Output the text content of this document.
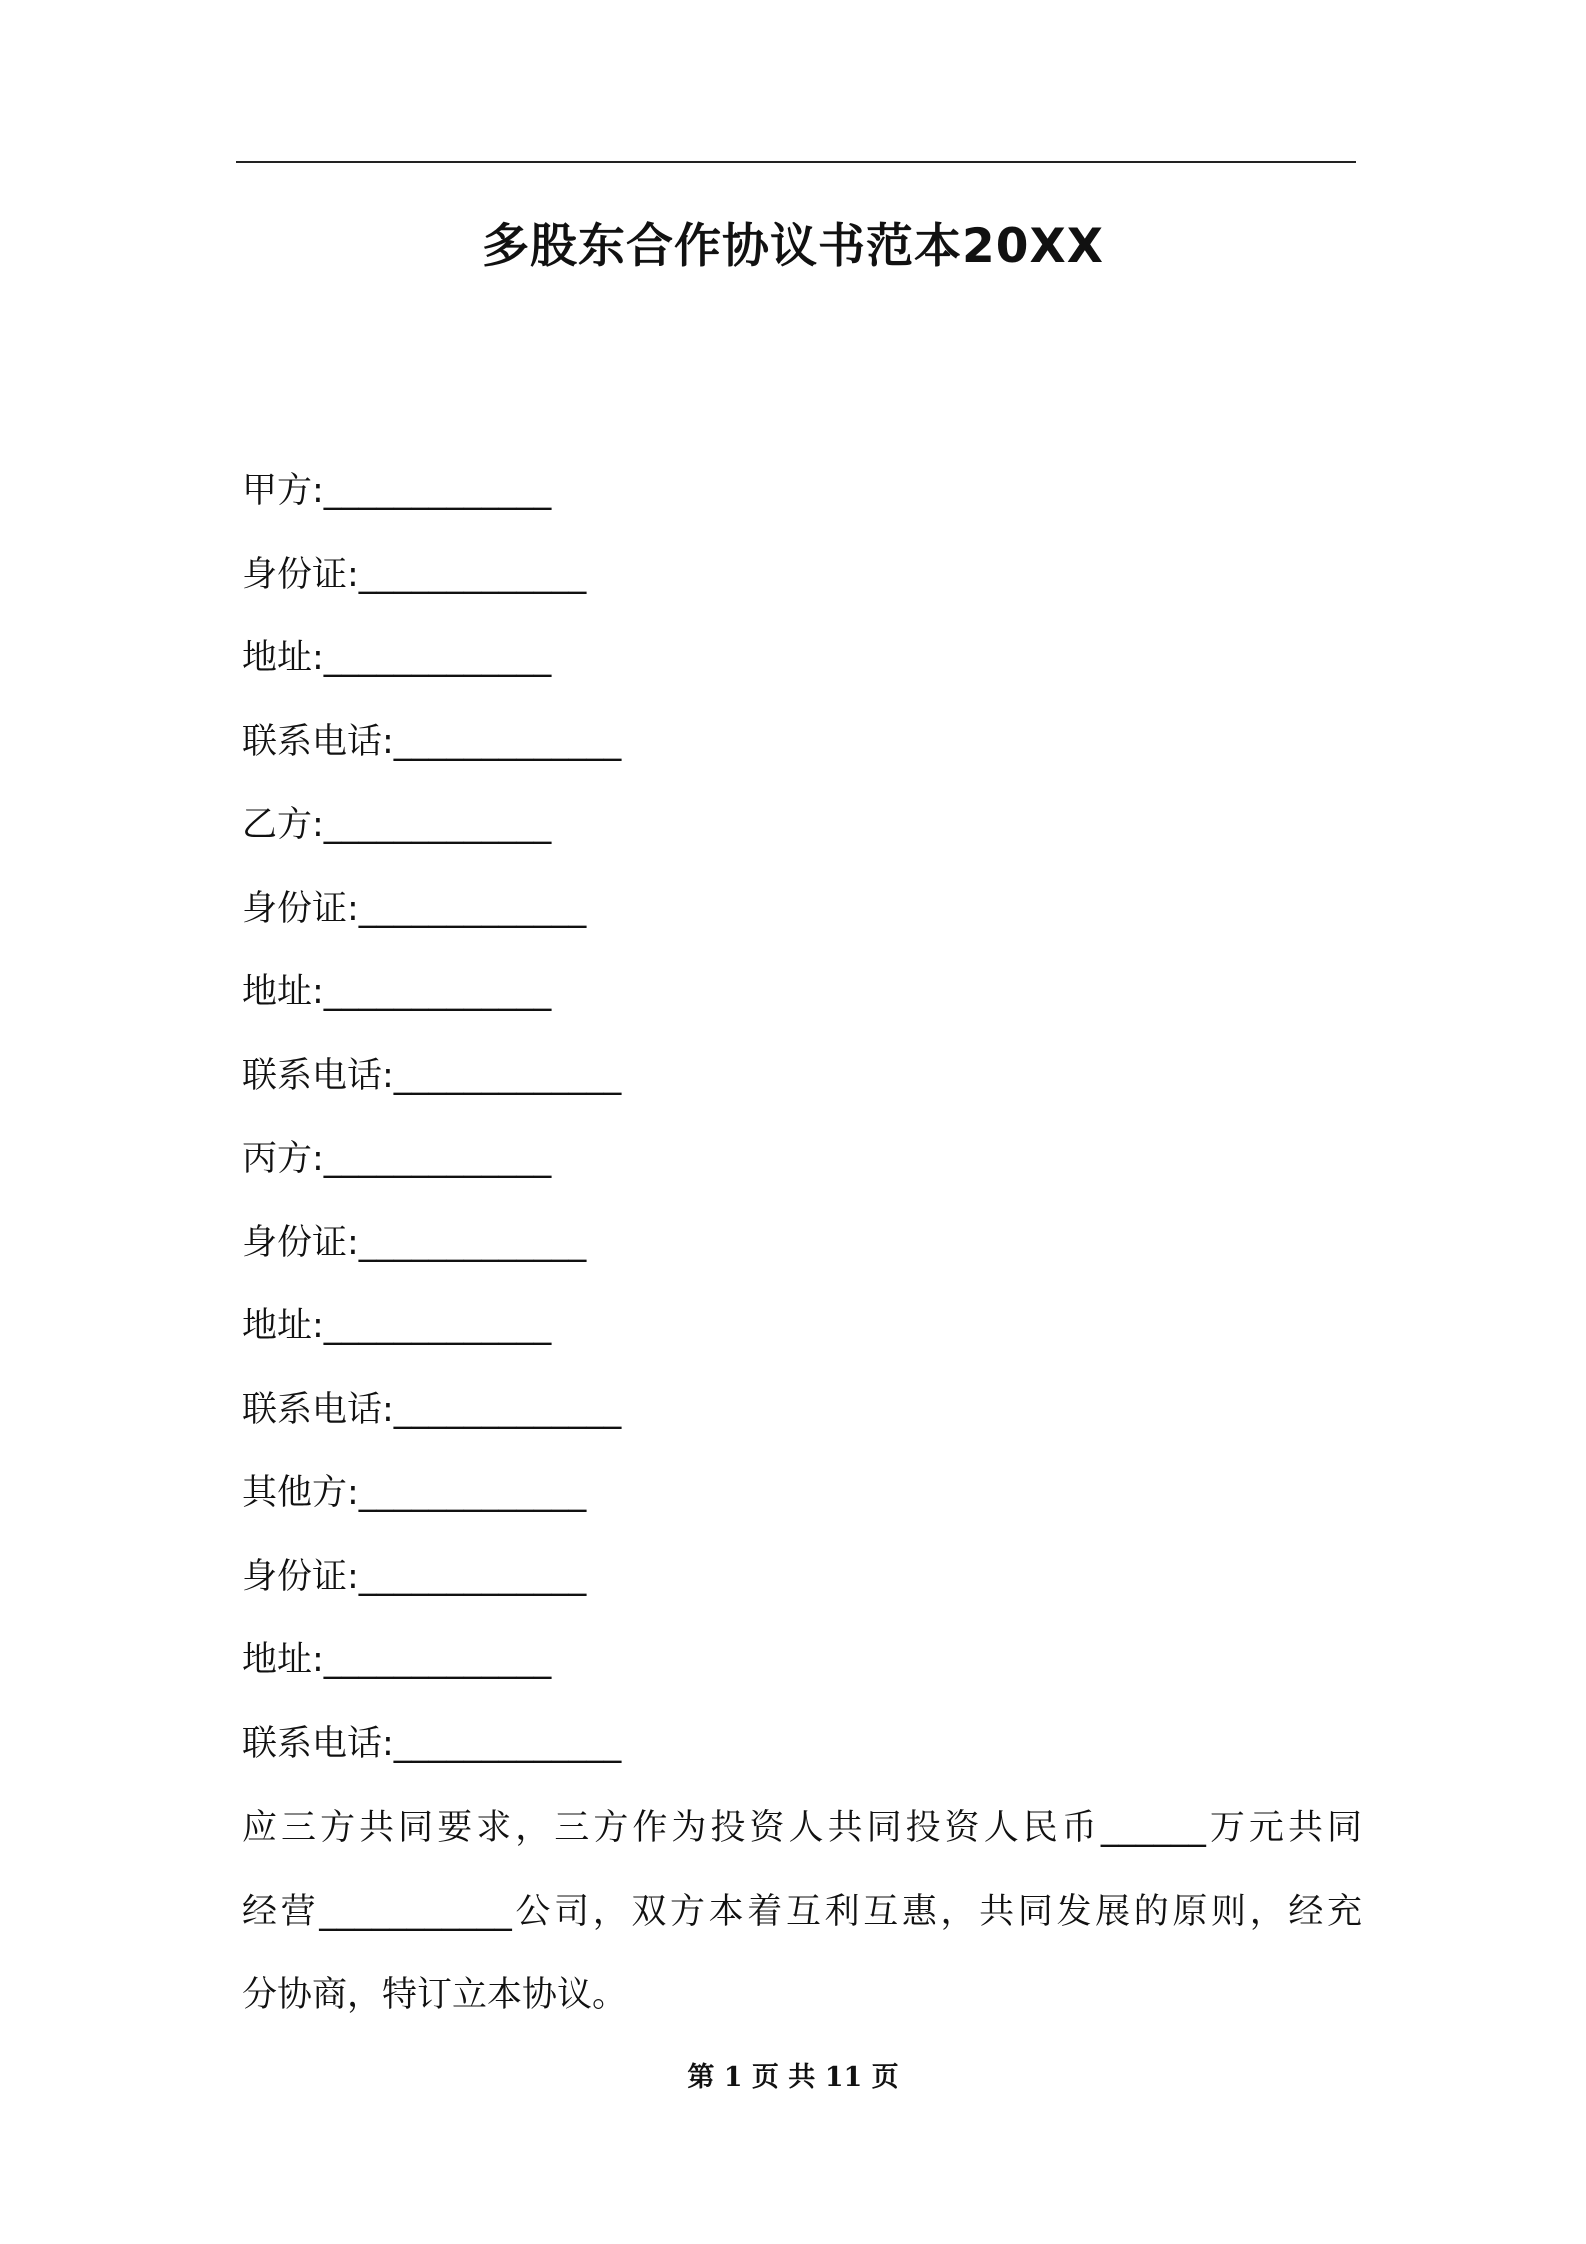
多股东合作协议书范本20XX
甲方:_____________
身份证:_____________
地址:_____________
联系电话:_____________
乙方:_____________
身份证:_____________
地址:_____________
联系电话:_____________
丙方:_____________
身份证:_____________
地址:_____________
联系电话:_____________
其他方:_____________
身份证:_____________
地址:_____________
联系电话:_____________
应三方共同要求，三方作为投资人共同投资人民币______万元共同
经营___________公司，双方本着互利互惠，共同发展的原则，经充
分协商，特订立本协议。
第 1 页 共 11 页
